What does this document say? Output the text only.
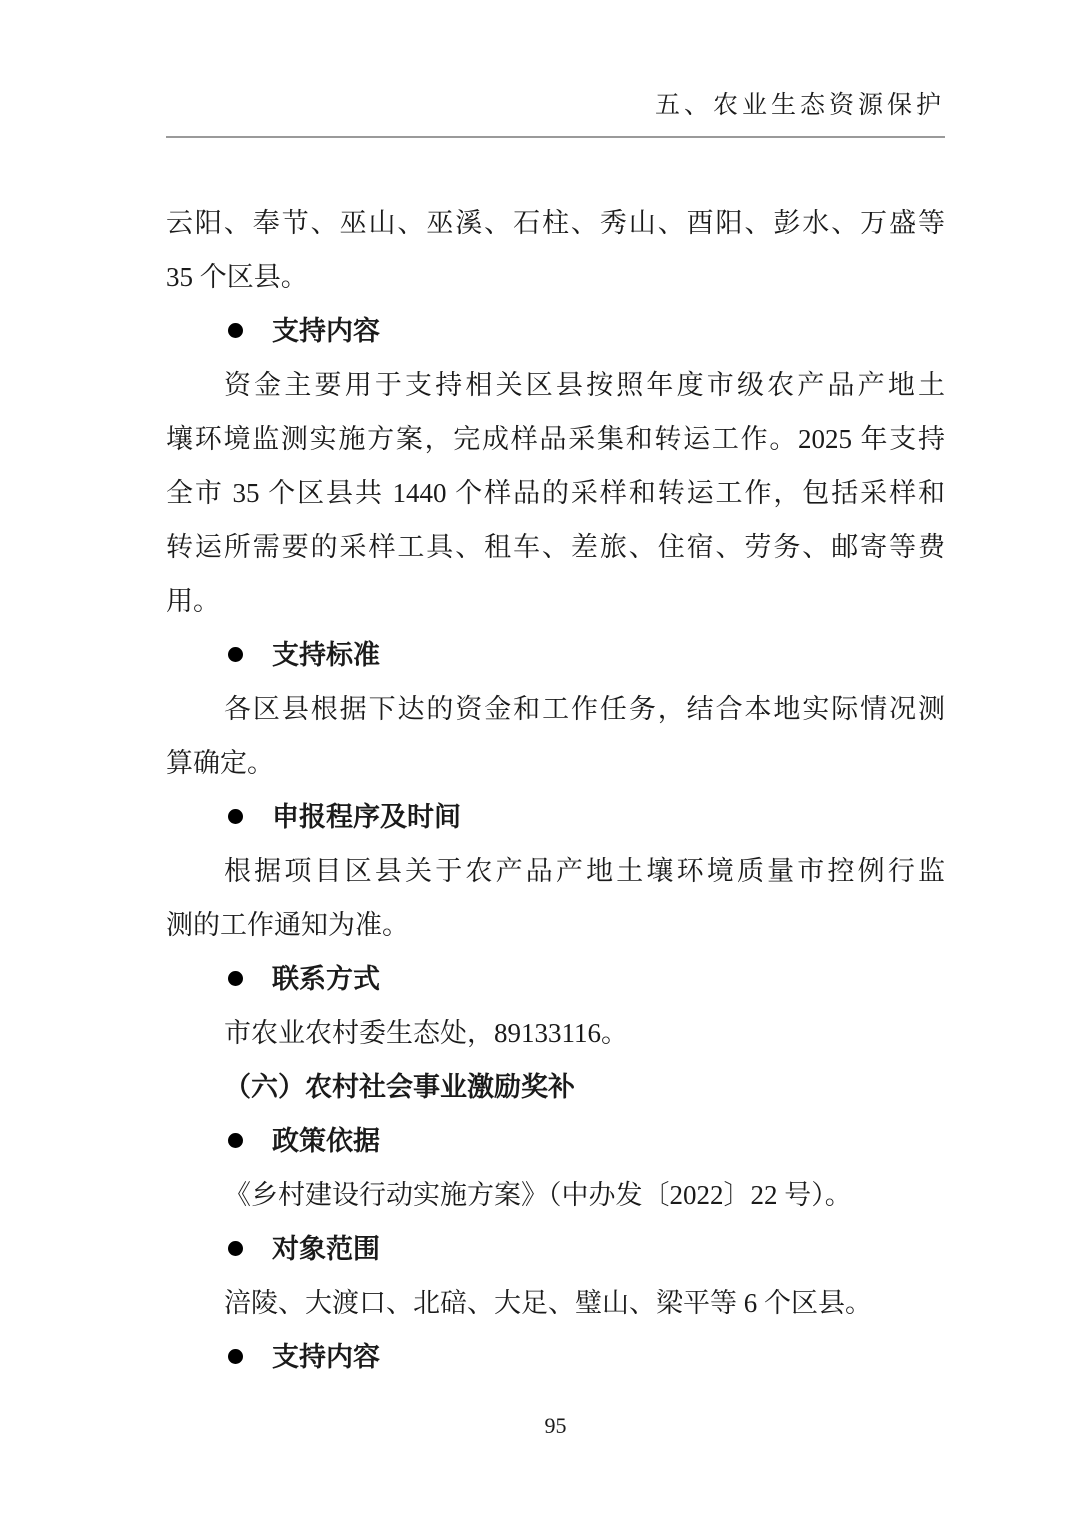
五、农业生态资源保护
云阳、奉节、巫山、巫溪、石柱、秀山、酉阳、彭水、万盛等
35 个区县。
支持内容
资金主要用于支持相关区县按照年度市级农产品产地土
壤环境监测实施方案，完成样品采集和转运工作。2025 年支持
全市 35 个区县共 1440 个样品的采样和转运工作，包括采样和
转运所需要的采样工具、租车、差旅、住宿、劳务、邮寄等费
用。
支持标准
各区县根据下达的资金和工作任务，结合本地实际情况测
算确定。
申报程序及时间
根据项目区县关于农产品产地土壤环境质量市控例行监
测的工作通知为准。
联系方式
市农业农村委生态处，89133116。
（六）农村社会事业激励奖补
政策依据
《乡村建设行动实施方案》（中办发〔2022〕22 号）。
对象范围
涪陵、大渡口、北碚、大足、璧山、梁平等 6 个区县。
支持内容
95
